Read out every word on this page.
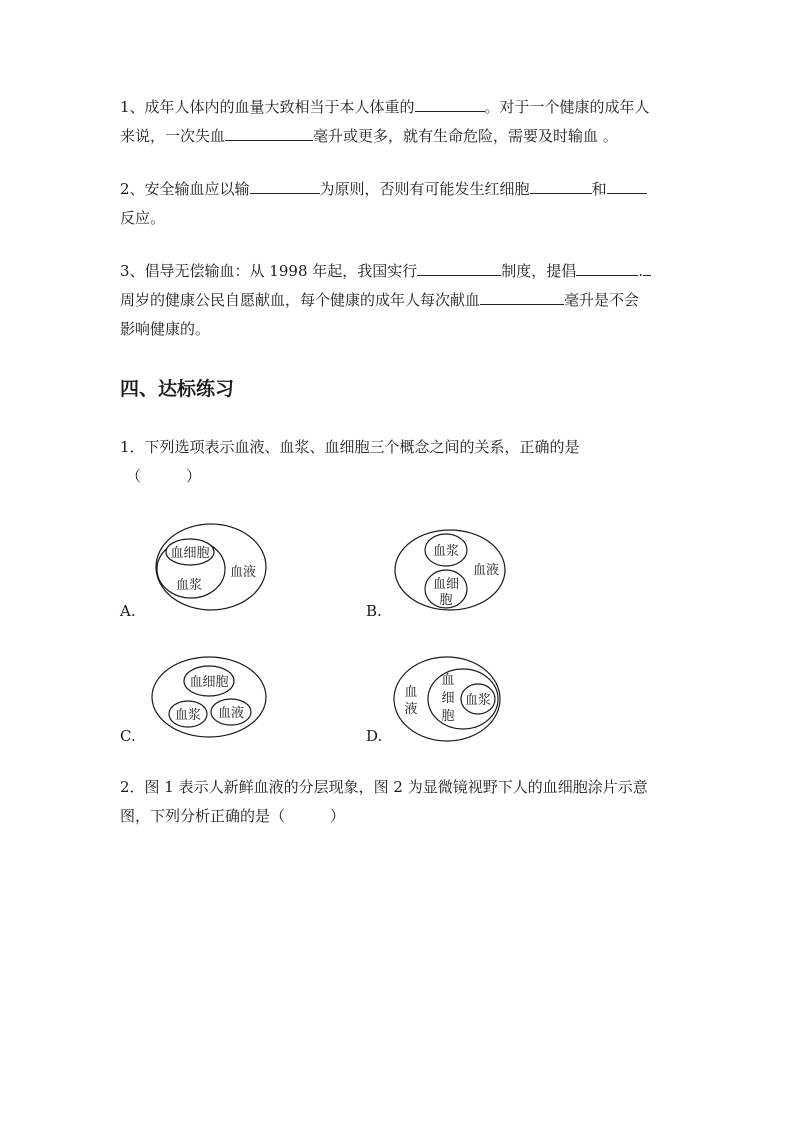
1、成年人体内的血量大致相当于本人体重的	。对于一个健康的成年人
来说，一次失血	毫升或更多，就有生命危险，需要及时输血 。
2、安全输血应以输	为原则，否则有可能发生红细胞	和
反应。
3、倡导无偿输血：从 1998 年起，我国实行	制度，提倡	.
周岁的健康公民自愿献血，每个健康的成年人每次献血	毫升是不会
影响健康的。
四、达标练习
1．下列选项表示血液、血浆、血细胞三个概念之间的关系，正确的是
（　　　）
A.
血细胞
血浆
血液
B.
血浆
血细
胞
血液
C.
血细胞
血浆 血液
D.
血
液
血
细
胞
血浆
2．图 1 表示人新鲜血液的分层现象，图 2 为显微镜视野下人的血细胞涂片示意
图，下列分析正确的是（　　　）
